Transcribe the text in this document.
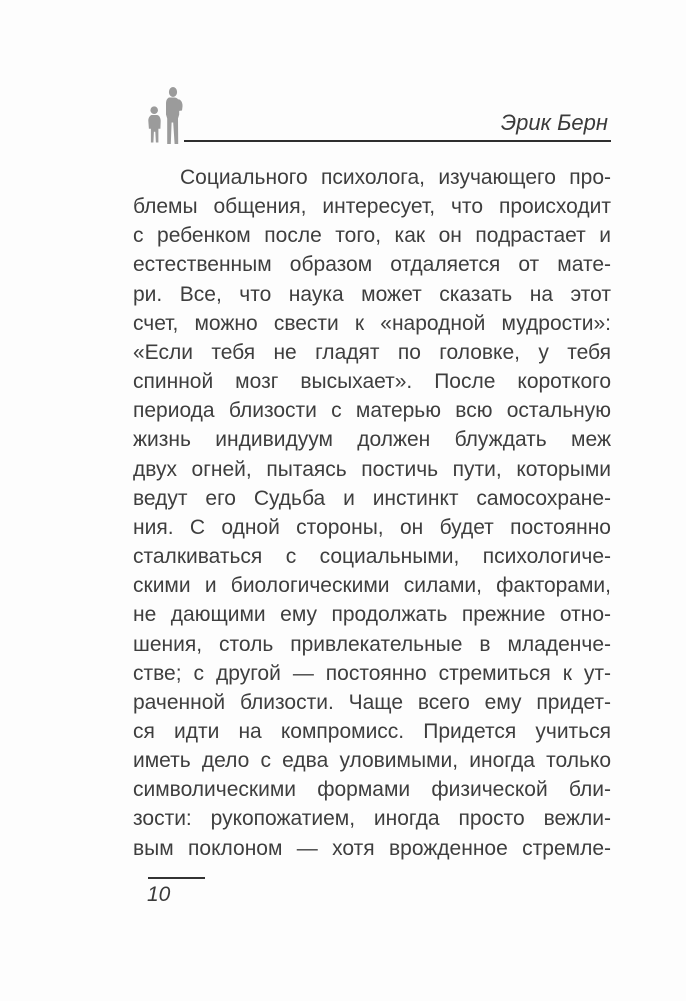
Эрик Берн
Социального психолога, изучающего про-
блемы общения, интересует, что происходит
с ребенком после того, как он подрастает и
естественным образом отдаляется от мате-
ри. Все, что наука может сказать на этот
счет, можно свести к «народной мудрости»:
«Если тебя не гладят по головке, у тебя
спинной мозг высыхает». После короткого
периода близости с матерью всю остальную
жизнь индивидуум должен блуждать меж
двух огней, пытаясь постичь пути, которыми
ведут его Судьба и инстинкт самосохране-
ния. С одной стороны, он будет постоянно
сталкиваться с социальными, психологиче-
скими и биологическими силами, факторами,
не дающими ему продолжать прежние отно-
шения, столь привлекательные в младенче-
стве; с другой — постоянно стремиться к ут-
раченной близости. Чаще всего ему придет-
ся идти на компромисс. Придется учиться
иметь дело с едва уловимыми, иногда только
символическими формами физической бли-
зости: рукопожатием, иногда просто вежли-
вым поклоном — хотя врожденное стремле-
10
